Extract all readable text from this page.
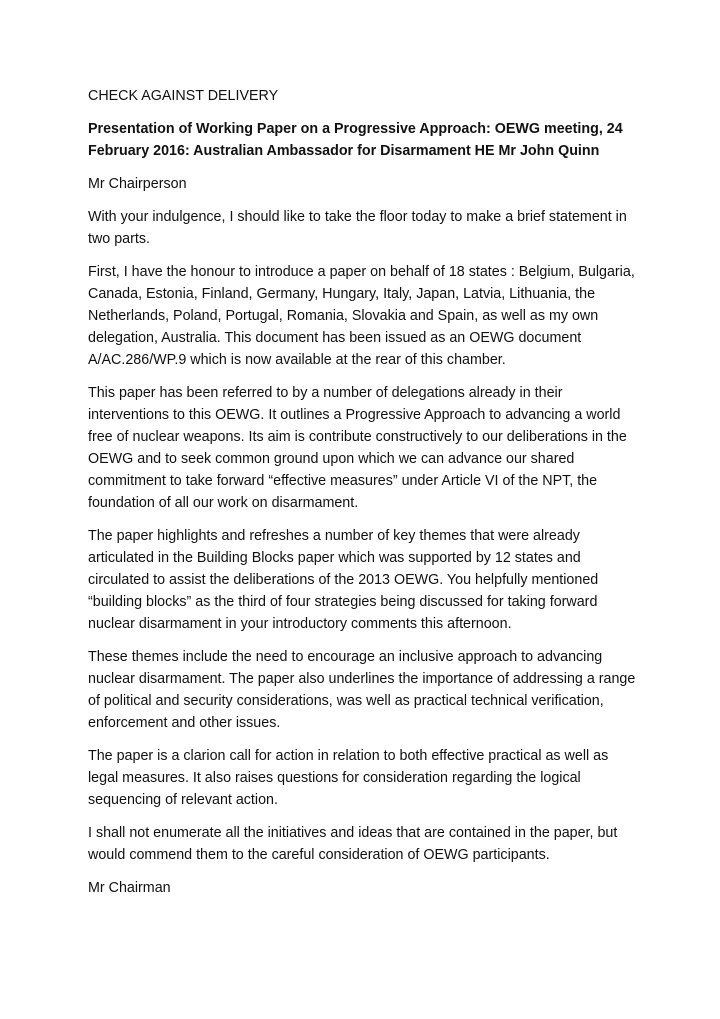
CHECK AGAINST DELIVERY

Presentation of Working Paper on a Progressive Approach: OEWG meeting, 24 February 2016: Australian Ambassador for Disarmament HE Mr John Quinn

Mr Chairperson

With your indulgence, I should like to take the floor today to make a brief statement in two parts.

First, I have the honour to introduce a paper on behalf of 18 states : Belgium, Bulgaria, Canada, Estonia, Finland, Germany, Hungary, Italy, Japan, Latvia, Lithuania, the Netherlands, Poland, Portugal, Romania, Slovakia and Spain, as well as my own delegation, Australia. This document has been issued as an OEWG document A/AC.286/WP.9 which is now available at the rear of this chamber.

This paper has been referred to by a number of delegations already in their interventions to this OEWG. It outlines a Progressive Approach to advancing a world free of nuclear weapons. Its aim is contribute constructively to our deliberations in the OEWG and to seek common ground upon which we can advance our shared commitment to take forward “effective measures” under Article VI of the NPT, the foundation of all our work on disarmament.

The paper highlights and refreshes a number of key themes that were already articulated in the Building Blocks paper which was supported by 12 states and circulated to assist the deliberations of the 2013 OEWG. You helpfully mentioned “building blocks” as the third of four strategies being discussed for taking forward nuclear disarmament in your introductory comments this afternoon.

These themes include the need to encourage an inclusive approach to advancing nuclear disarmament. The paper also underlines the importance of addressing a range of political and security considerations, was well as practical technical verification, enforcement and other issues.

The paper is a clarion call for action in relation to both effective practical as well as legal measures. It also raises questions for consideration regarding the logical sequencing of relevant action.

I shall not enumerate all the initiatives and ideas that are contained in the paper, but would commend them to the careful consideration of OEWG participants.

Mr Chairman
